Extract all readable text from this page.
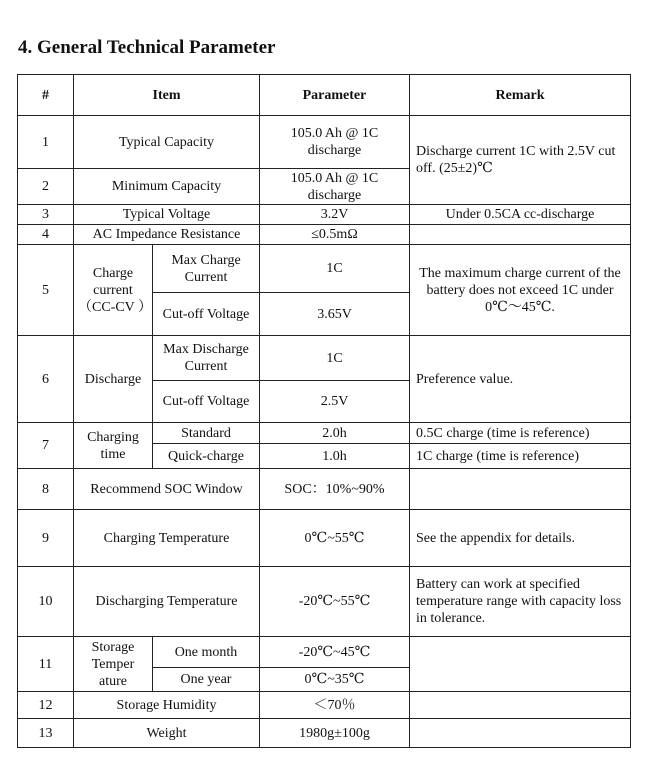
4. General Technical Parameter
#	Item		Parameter	Remark
1	Typical Capacity		105.0 Ah @ 1C discharge	Discharge current 1C with 2.5V cut off. (25±2)℃
2	Minimum Capacity		105.0 Ah @ 1C discharge	
3	Typical Voltage		3.2V	Under 0.5CA cc-discharge
4	AC Impedance Resistance		≤0.5mΩ	
5	Charge current （CC-CV ）	Max Charge Current	1C	The maximum charge current of the battery does not exceed 1C under 0℃～45℃.
		Cut-off Voltage	3.65V	
6	Discharge	Max Discharge Current	1C	Preference value.
		Cut-off Voltage	2.5V	
7	Charging time	Standard	2.0h	0.5C charge (time is reference)
		Quick-charge	1.0h	1C charge (time is reference)
8	Recommend SOC Window		SOC：10%~90%	
9	Charging Temperature		0℃~55℃	See the appendix for details.
10	Discharging Temperature		-20℃~55℃	Battery can work at specified temperature range with capacity loss in tolerance.
11	Storage Temper ature	One month	-20℃~45℃	
		One year	0℃~35℃	
12	Storage Humidity		＜70％	
13	Weight		1980g±100g	
